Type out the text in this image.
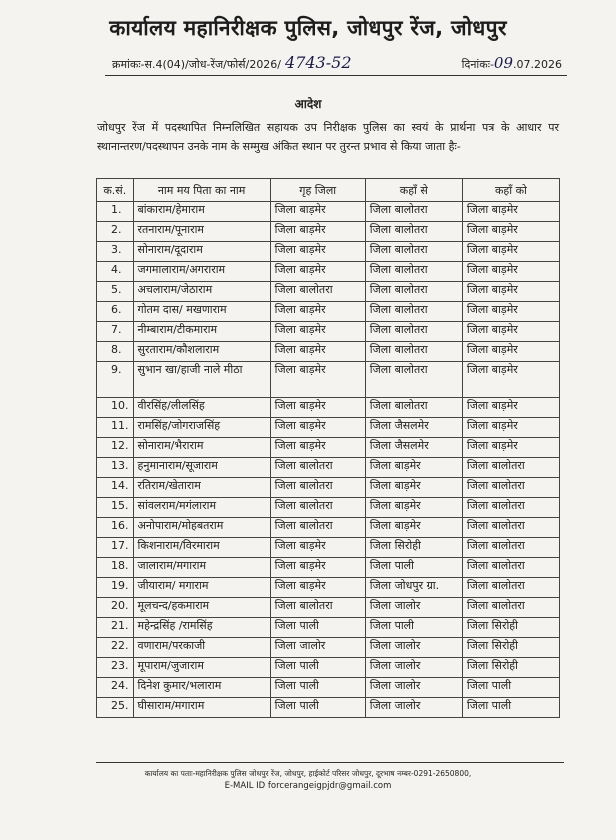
कार्यालय महानिरीक्षक पुलिस, जोधपुर रेंज, जोधपुर
क्रमांकः-स.4(04)/जोध-रेंज/फोर्स/2026/ 4743-52	दिनांकः-09.07.2026
आदेश
जोधपुर रेंज में पदस्थापित निम्नलिखित सहायक उप निरीक्षक पुलिस का स्वयं के प्रार्थना पत्र के आधार पर स्थानान्तरण/पदस्थापन उनके नाम के सम्मुख अंकित स्थान पर तुरन्त प्रभाव से किया जाता हैः-
क.सं.	नाम मय पिता का नाम	गृह जिला	कहाँ से	कहाँ को
1.	बांकाराम/हेमाराम	जिला बाड़मेर	जिला बालोतरा	जिला बाड़मेर
2.	रतनाराम/पूनाराम	जिला बाड़मेर	जिला बालोतरा	जिला बाड़मेर
3.	सोनाराम/दूदाराम	जिला बाड़मेर	जिला बालोतरा	जिला बाड़मेर
4.	जगमालाराम/अगराराम	जिला बाड़मेर	जिला बालोतरा	जिला बाड़मेर
5.	अचलाराम/जेठाराम	जिला बालोतरा	जिला बालोतरा	जिला बाड़मेर
6.	गोतम दास/ मखणाराम	जिला बाड़मेर	जिला बालोतरा	जिला बाड़मेर
7.	नीम्बाराम/टीकमाराम	जिला बाड़मेर	जिला बालोतरा	जिला बाड़मेर
8.	सुरताराम/कौशलाराम	जिला बाड़मेर	जिला बालोतरा	जिला बाड़मेर
9.	सुभान खा/हाजी नाले मीठा	जिला बाड़मेर	जिला बालोतरा	जिला बाड़मेर
10.	वीरसिंह/लीलसिंह	जिला बाड़मेर	जिला बालोतरा	जिला बाड़मेर
11.	रामसिंह/जोगराजसिंह	जिला बाड़मेर	जिला जैसलमेर	जिला बाड़मेर
12.	सोनाराम/भैराराम	जिला बाड़मेर	जिला जैसलमेर	जिला बाड़मेर
13.	हनुमानाराम/सूजाराम	जिला बालोतरा	जिला बाड़मेर	जिला बालोतरा
14.	रतिराम/खेताराम	जिला बालोतरा	जिला बाड़मेर	जिला बालोतरा
15.	सांवलराम/मगंलाराम	जिला बालोतरा	जिला बाड़मेर	जिला बालोतरा
16.	अनोपाराम/मोहबतराम	जिला बालोतरा	जिला बाड़मेर	जिला बालोतरा
17.	किशनाराम/विरमाराम	जिला बाड़मेर	जिला सिरोही	जिला बालोतरा
18.	जालाराम/मगाराम	जिला बाड़मेर	जिला पाली	जिला बालोतरा
19.	जीयाराम/ मगाराम	जिला बाड़मेर	जिला जोधपुर ग्रा.	जिला बालोतरा
20.	मूलचन्द/हकमाराम	जिला बालोतरा	जिला जालोर	जिला बालोतरा
21.	महेन्द्रसिंह /रामसिंह	जिला पाली	जिला पाली	जिला सिरोही
22.	वणाराम/परकाजी	जिला जालोर	जिला जालोर	जिला सिरोही
23.	मूपाराम/जुजाराम	जिला पाली	जिला जालोर	जिला सिरोही
24.	दिनेश कुमार/भलाराम	जिला पाली	जिला जालोर	जिला पाली
25.	घीसाराम/मगाराम	जिला पाली	जिला जालोर	जिला पाली
कार्यालय का पताः-महानिरीक्षक पुलिस जोधपुर रेंज, जोधपुर, हाईकोर्ट परिसर जोधपुर, दूरभाष नम्बर-0291-2650800,
E-MAIL ID forcerangeigpjdr@gmail.com
